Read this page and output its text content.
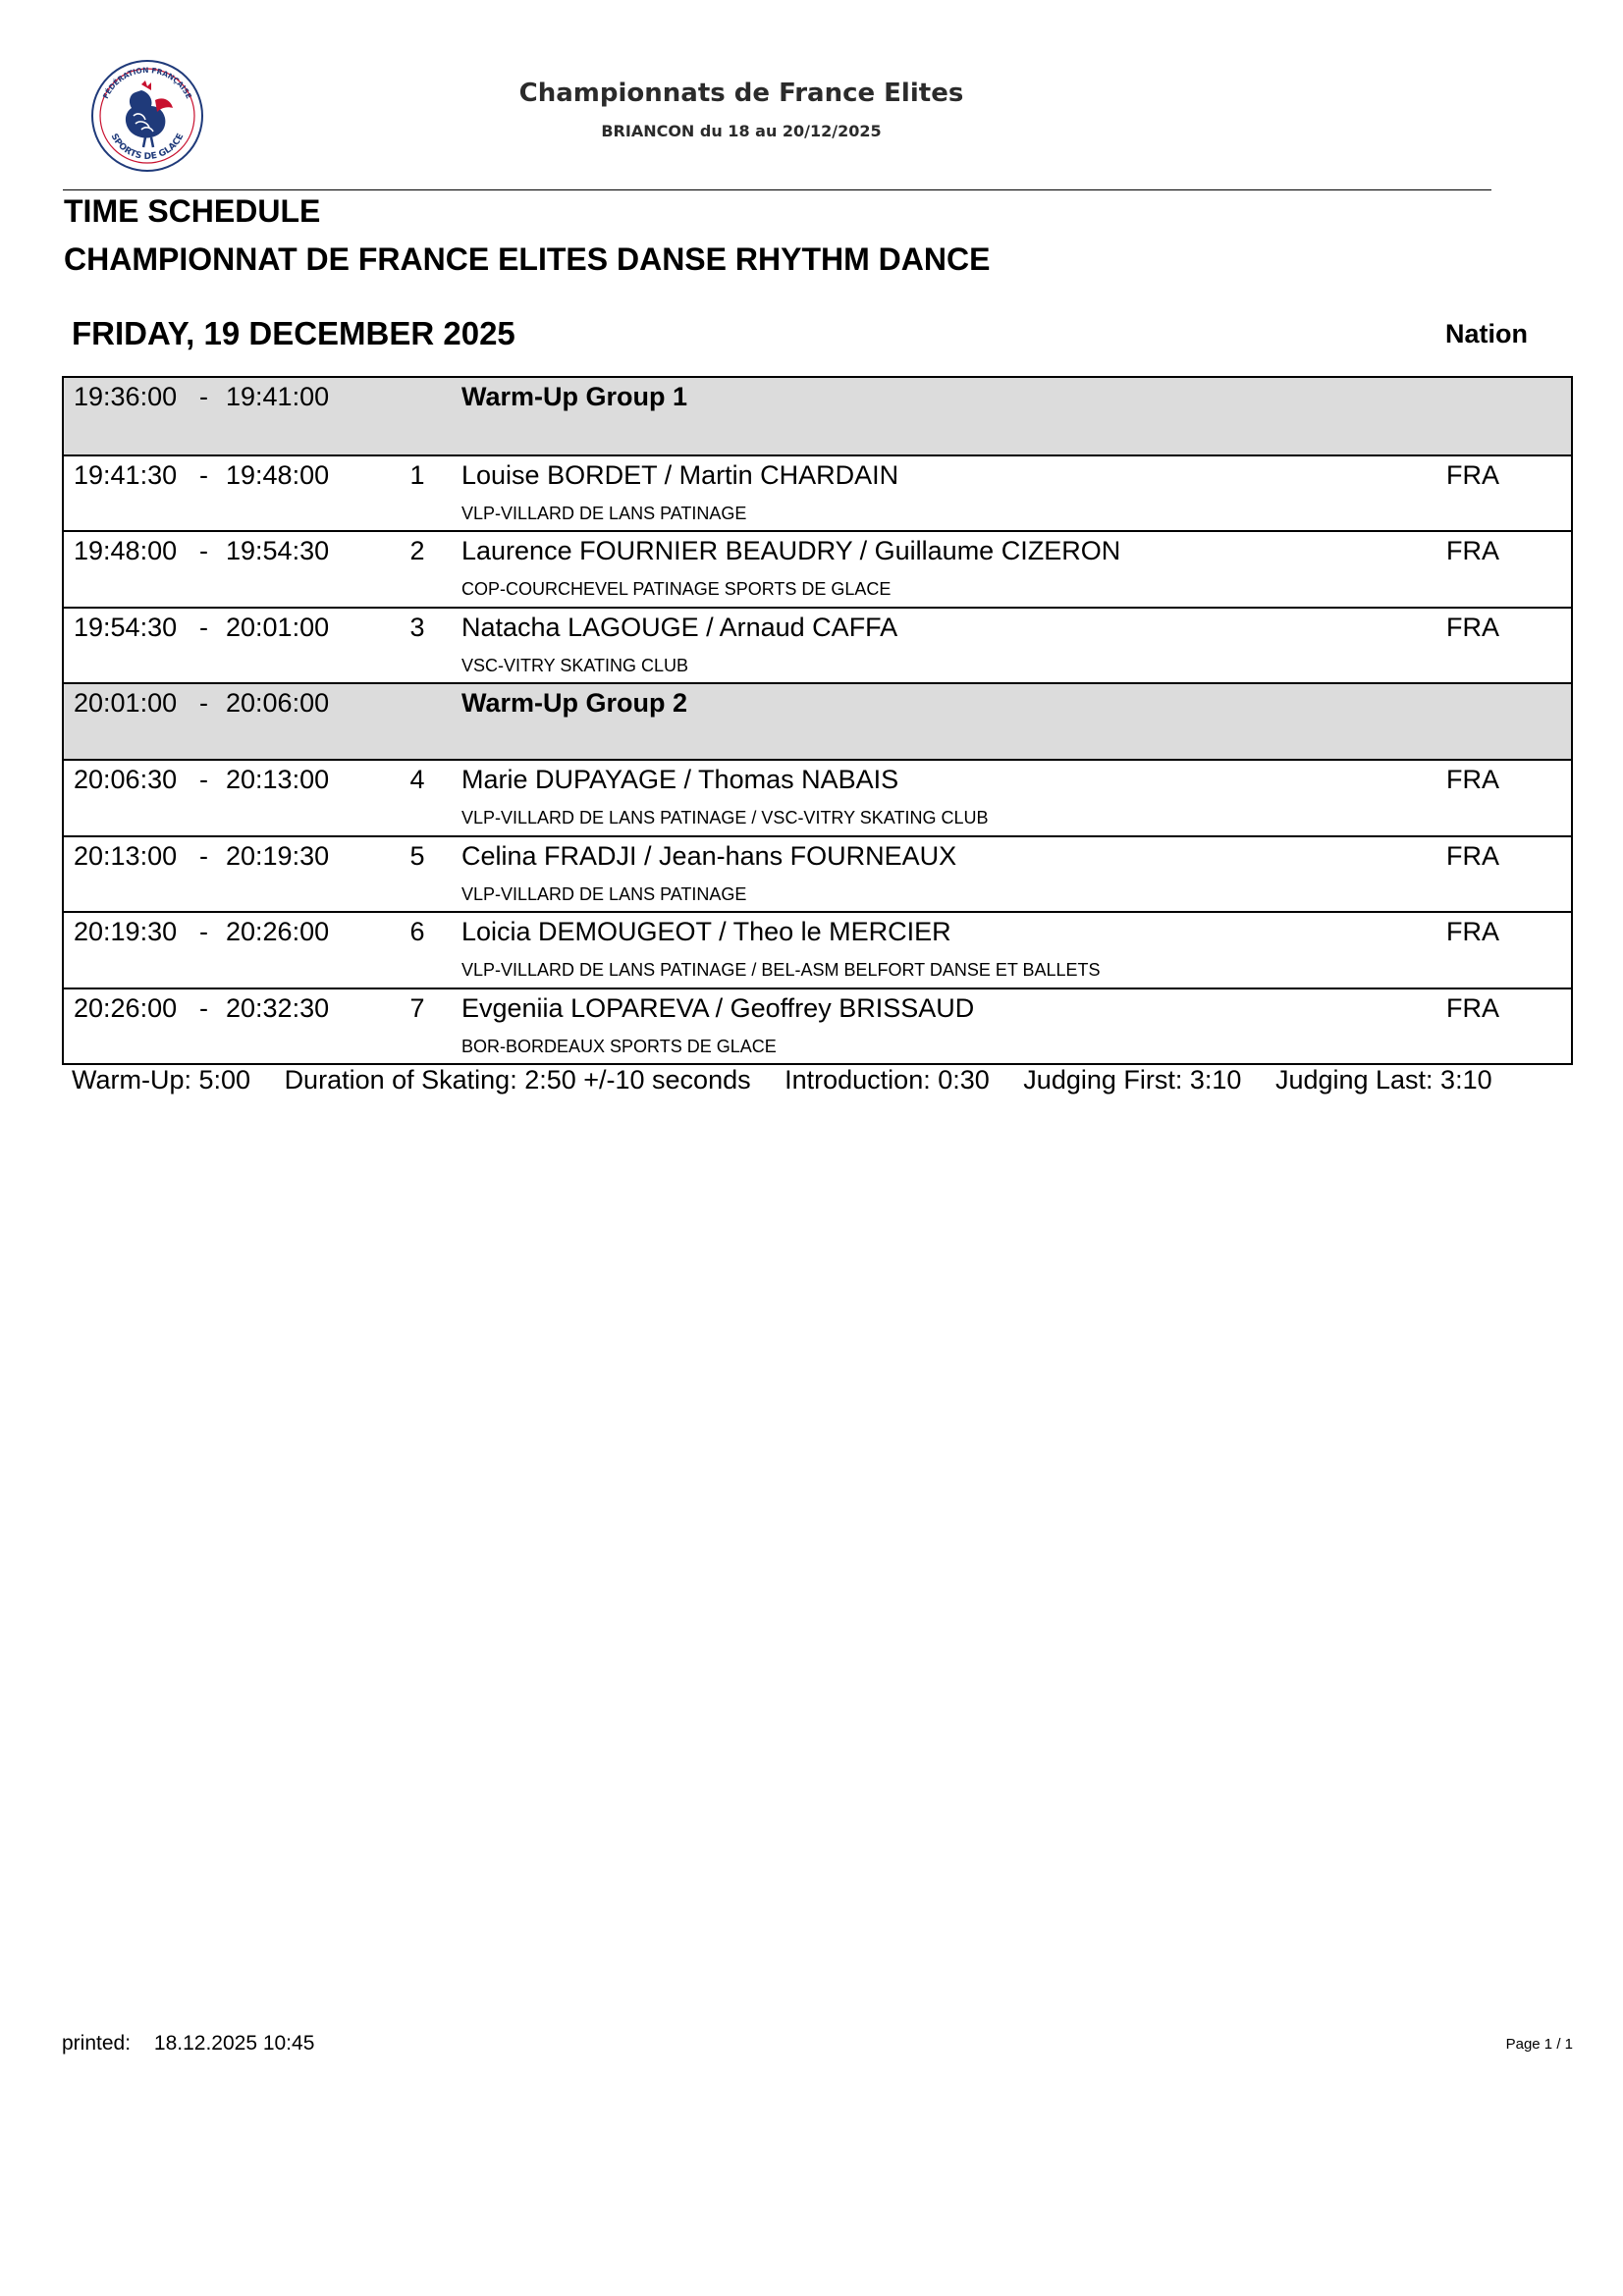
FÉDÉRATION FRANÇAISE
SPORTS DE GLACE
Championnats de France Elites
BRIANCON du 18 au 20/12/2025
TIME SCHEDULE
CHAMPIONNAT DE FRANCE ELITES DANSE RHYTHM DANCE
FRIDAY, 19 DECEMBER 2025	Nation
19:36:00 - 19:41:00	Warm-Up Group 1
19:41:30 - 19:48:00	1	Louise BORDET / Martin CHARDAIN
VLP-VILLARD DE LANS PATINAGE
FRA
19:48:00 - 19:54:30	2	Laurence FOURNIER BEAUDRY / Guillaume CIZERON
COP-COURCHEVEL PATINAGE SPORTS DE GLACE
FRA
19:54:30 - 20:01:00	3	Natacha LAGOUGE / Arnaud CAFFA
VSC-VITRY SKATING CLUB
FRA
20:01:00 - 20:06:00	Warm-Up Group 2
20:06:30 - 20:13:00	4	Marie DUPAYAGE / Thomas NABAIS
VLP-VILLARD DE LANS PATINAGE / VSC-VITRY SKATING CLUB
FRA
20:13:00 - 20:19:30	5	Celina FRADJI / Jean-hans FOURNEAUX
VLP-VILLARD DE LANS PATINAGE
FRA
20:19:30 - 20:26:00	6	Loicia DEMOUGEOT / Theo le MERCIER
VLP-VILLARD DE LANS PATINAGE / BEL-ASM BELFORT DANSE ET BALLETS
FRA
20:26:00 - 20:32:30	7	Evgeniia LOPAREVA / Geoffrey BRISSAUD
BOR-BORDEAUX SPORTS DE GLACE
FRA
Warm-Up: 5:00 Duration of Skating: 2:50 +/-10 seconds Introduction: 0:30 Judging First: 3:10 Judging Last: 3:10
printed: 18.12.2025 10:45	Page 1 / 1
